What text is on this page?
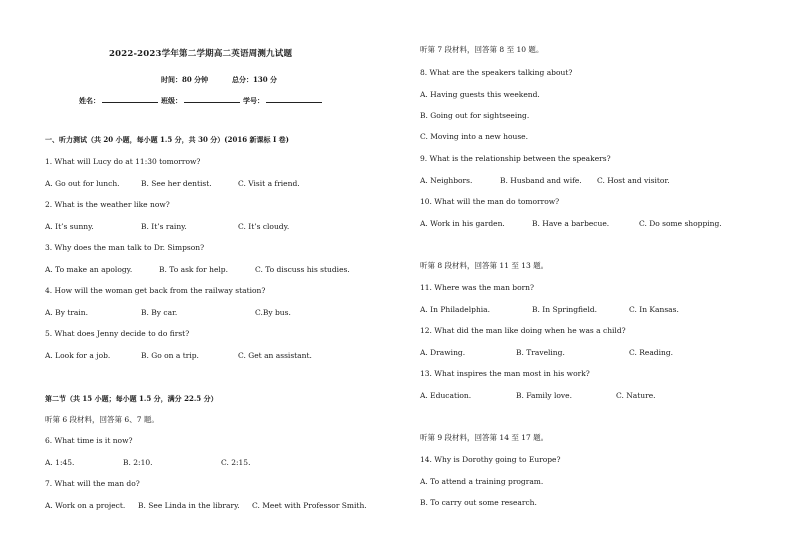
2022-2023学年第二学期高二英语周测九试题
时间：80 分钟	总分：130 分
姓名：	班级：	学号：
一、听力测试（共 20 小题，每小题 1.5 分，共 30 分）(2016 新课标 I 卷)
1. What will Lucy do at 11:30 tomorrow?
A. Go out for lunch.	B. See her dentist.	C. Visit a friend.
2. What is the weather like now?
A. It’s sunny.	B. It’s rainy.	C. It’s cloudy.
3. Why does the man talk to Dr. Simpson?
A. To make an apology.	B. To ask for help.	C. To discuss his studies.
4. How will the woman get back from the railway station?
A. By train.	B. By car.	C.By bus.
5. What does Jenny decide to do first?
A. Look for a job.	B. Go on a trip.	C. Get an assistant.
第二节（共 15 小题；每小题 1.5 分，满分 22.5 分）
听第 6 段材料，回答第 6、7 题。
6. What time is it now?
A. 1:45.	B. 2:10.	C. 2:15.
7. What will the man do?
A. Work on a project. B. See Linda in the library. C. Meet with Professor Smith.
听第 7 段材料，回答第 8 至 10 题。
8. What are the speakers talking about?
A. Having guests this weekend.
B. Going out for sightseeing.
C. Moving into a new house.
9. What is the relationship between the speakers?
A. Neighbors.	B. Husband and wife. C. Host and visitor.
10. What will the man do tomorrow?
A. Work in his garden.	B. Have a barbecue.	C. Do some shopping.
听第 8 段材料，回答第 11 至 13 题。
11. Where was the man born?
A. In Philadelphia.	B. In Springfield.	C. In Kansas.
12. What did the man like doing when he was a child?
A. Drawing.	B. Traveling.	C. Reading.
13. What inspires the man most in his work?
A. Education.	B. Family love.	C. Nature.
听第 9 段材料，回答第 14 至 17 题。
14. Why is Dorothy going to Europe?
A. To attend a training program.
B. To carry out some research.
